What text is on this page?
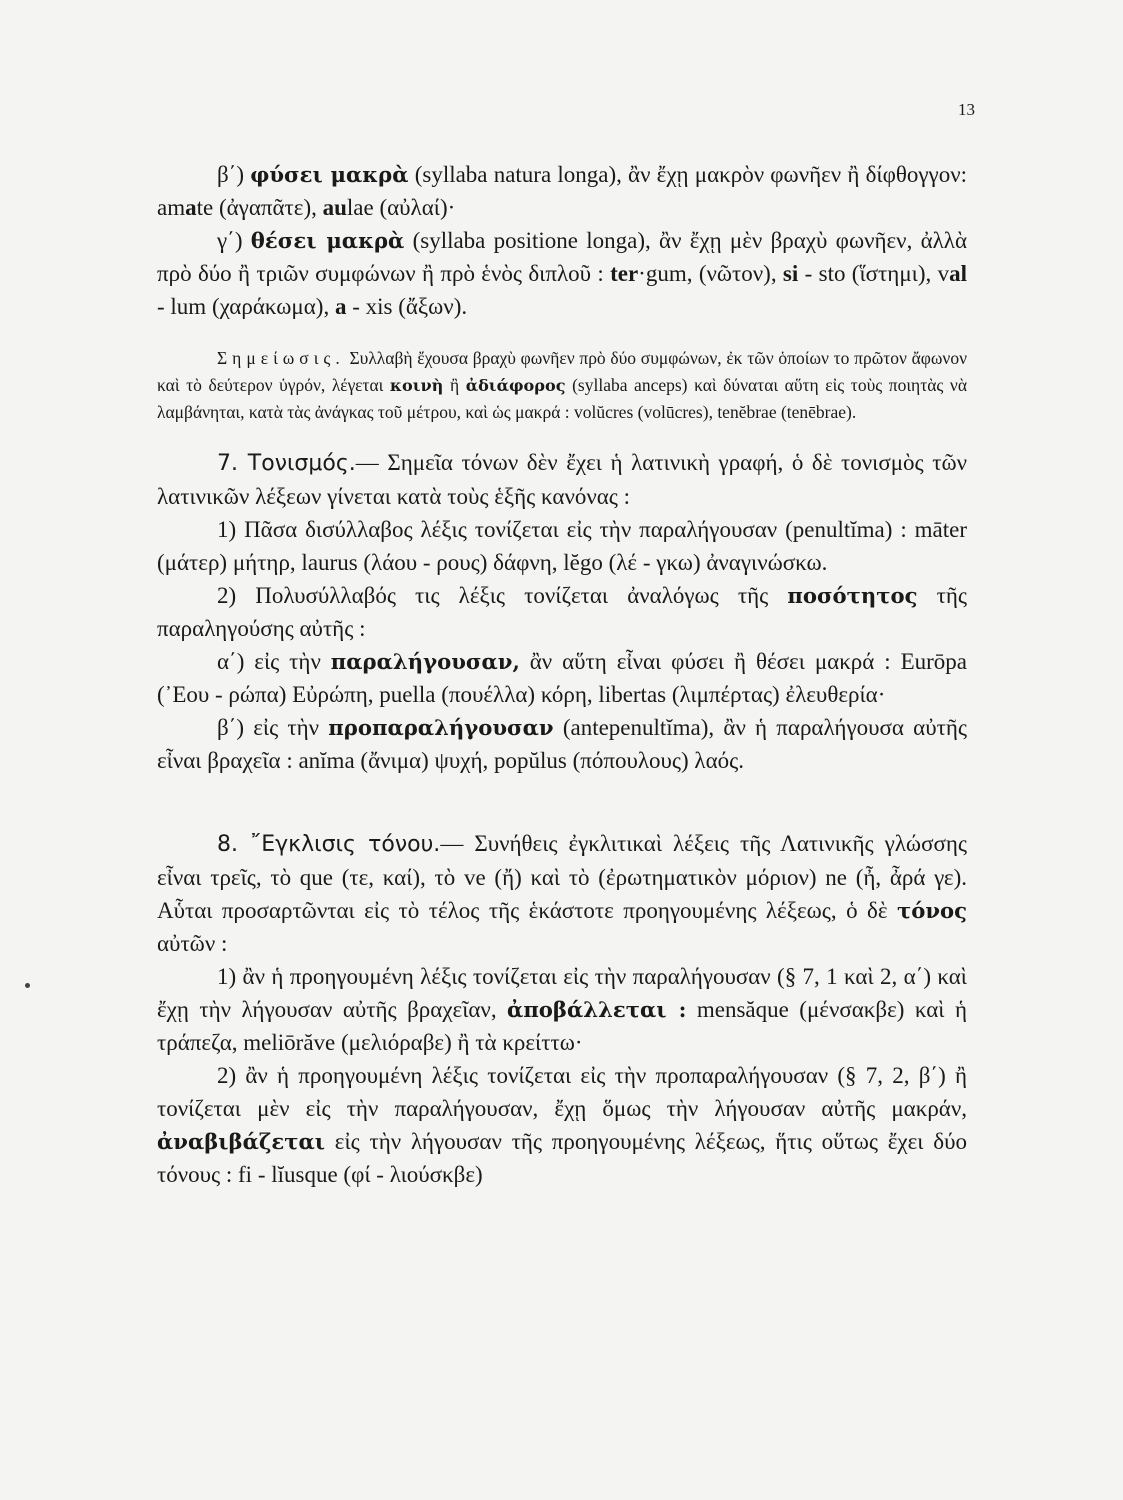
13

β΄) φύσει μακρὰ (syllaba natura longa), ἂν ἔχῃ μακρὸν φωνῆεν ἢ δίφθογγον: amate (ἀγαπᾶτε), aulae (αὐλαί)·

γ΄) θέσει μακρὰ (syllaba positione longa), ἂν ἔχῃ μὲν βραχὺ φωνῆεν, ἀλλὰ πρὸ δύο ἢ τριῶν συμφώνων ἢ πρὸ ἑνὸς διπλοῦ : ter·gum, (νῶτον), si - sto (ἵστημι), val - lum (χαράκωμα), a - xis (ἄξων).

Σημείωσις. Συλλαβὴ ἔχουσα βραχὺ φωνῆεν πρὸ δύο συμφώνων, ἐκ τῶν ὁποίων το πρῶτον ἄφωνον καὶ τὸ δεύτερον ὑγρόν, λέγεται κοινὴ ἢ ἀδιάφορος (syllaba anceps) καὶ δύναται αὕτη εἰς τοὺς ποιητὰς νὰ λαμβάνηται, κατὰ τὰς ἀνάγκας τοῦ μέτρου, καὶ ὡς μακρά : volŭcres (volūcres), tenĕbrae (tenēbrae).

7. Τονισμός.— Σημεῖα τόνων δὲν ἔχει ἡ λατινικὴ γραφή, ὁ δὲ τονισμὸς τῶν λατινικῶν λέξεων γίνεται κατὰ τοὺς ἑξῆς κανόνας :

1) Πᾶσα δισύλλαβος λέξις τονίζεται εἰς τὴν παραλήγουσαν (penultĭma) : māter (μάτερ) μήτηρ, laurus (λάου - ρους) δάφνη, lĕgo (λέ - γκω) ἀναγινώσκω.

2) Πολυσύλλαβός τις λέξις τονίζεται ἀναλόγως τῆς ποσότητος τῆς παραληγούσης αὐτῆς :

α΄) εἰς τὴν παραλήγουσαν, ἂν αὕτη εἶναι φύσει ἢ θέσει μακρά : Eurōpa (᾿Εου - ρώπα) Εὐρώπη, puella (πουέλλα) κόρη, libertas (λιμπέρτας) ἐλευθερία·

β΄) εἰς τὴν προπαραλήγουσαν (antepenultĭma), ἂν ἡ παραλήγουσα αὐτῆς εἶναι βραχεῖα : anĭma (ἄνιμα) ψυχή, popŭlus (πόπουλους) λαός.

8. ῎Εγκλισις τόνου.— Συνήθεις ἐγκλιτικαὶ λέξεις τῆς Λατινικῆς γλώσσης εἶναι τρεῖς, τὸ que (τε, καί), τὸ ve (ἤ) καὶ τὸ (ἐρωτηματικὸν μόριον) ne (ἦ, ἆρά γε). Αὗται προσαρτῶνται εἰς τὸ τέλος τῆς ἑκάστοτε προηγουμένης λέξεως, ὁ δὲ τόνος αὐτῶν :

1) ἂν ἡ προηγουμένη λέξις τονίζεται εἰς τὴν παραλήγουσαν (§ 7, 1 καὶ 2, α΄) καὶ ἔχῃ τὴν λήγουσαν αὐτῆς βραχεῖαν, ἀποβάλλεται : mensăque (μένσακβε) καὶ ἡ τράπεζα, meliōrăve (μελιόραβε) ἢ τὰ κρείττω·

2) ἂν ἡ προηγουμένη λέξις τονίζεται εἰς τὴν προπαραλήγουσαν (§ 7, 2, β΄) ἢ τονίζεται μὲν εἰς τὴν παραλήγουσαν, ἔχῃ ὅμως τὴν λήγουσαν αὐτῆς μακράν, ἀναβιβάζεται εἰς τὴν λήγουσαν τῆς προηγουμένης λέξεως, ἥτις οὕτως ἔχει δύο τόνους : fi - lĭusque (φί - λιούσκβε)
